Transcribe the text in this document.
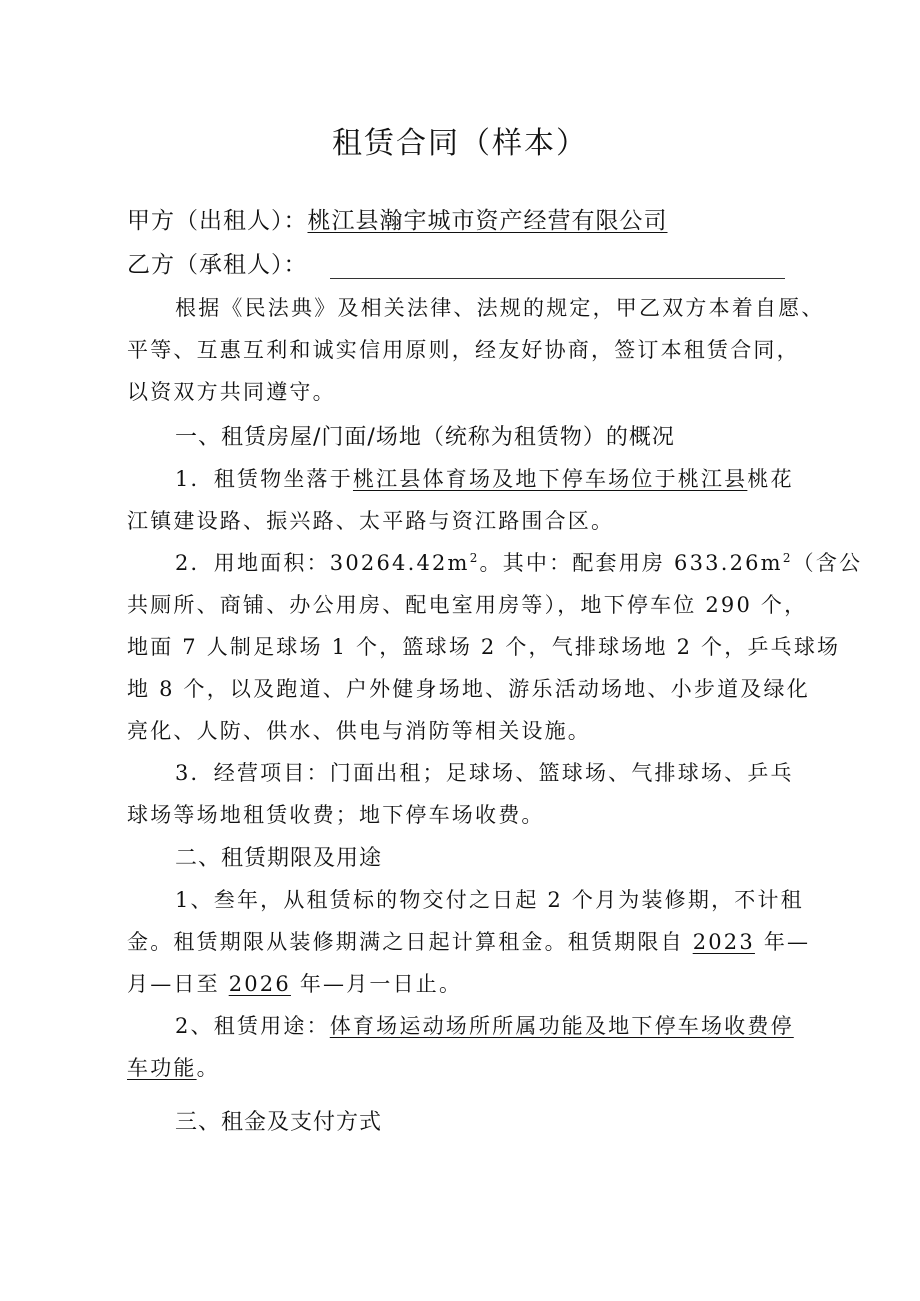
租赁合同（样本）
甲方（出租人）：桃江县瀚宇城市资产经营有限公司
乙方（承租人）：
根据《民法典》及相关法律、法规的规定，甲乙双方本着自愿、
平等、互惠互利和诚实信用原则，经友好协商，签订本租赁合同，
以资双方共同遵守。
一、租赁房屋/门面/场地（统称为租赁物）的概况
1．租赁物坐落于桃江县体育场及地下停车场位于桃江县桃花
江镇建设路、振兴路、太平路与资江路围合区。
2．用地面积：$30264.42m^2$。其中：配套用房 $633.26m^2$（含公
共厕所、商铺、办公用房、配电室用房等），地下停车位 290 个，
地面 7 人制足球场 1 个，篮球场 2 个，气排球场地 2 个，乒乓球场
地 8 个，以及跑道、户外健身场地、游乐活动场地、小步道及绿化
亮化、人防、供水、供电与消防等相关设施。
3．经营项目：门面出租；足球场、篮球场、气排球场、乒乓
球场等场地租赁收费；地下停车场收费。
二、租赁期限及用途
1、叁年，从租赁标的物交付之日起 2 个月为装修期，不计租
金。租赁期限从装修期满之日起计算租金。租赁期限自 2023 年—
月—日至 2026 年—月一日止。
2、租赁用途：体育场运动场所所属功能及地下停车场收费停
车功能。
三、租金及支付方式
